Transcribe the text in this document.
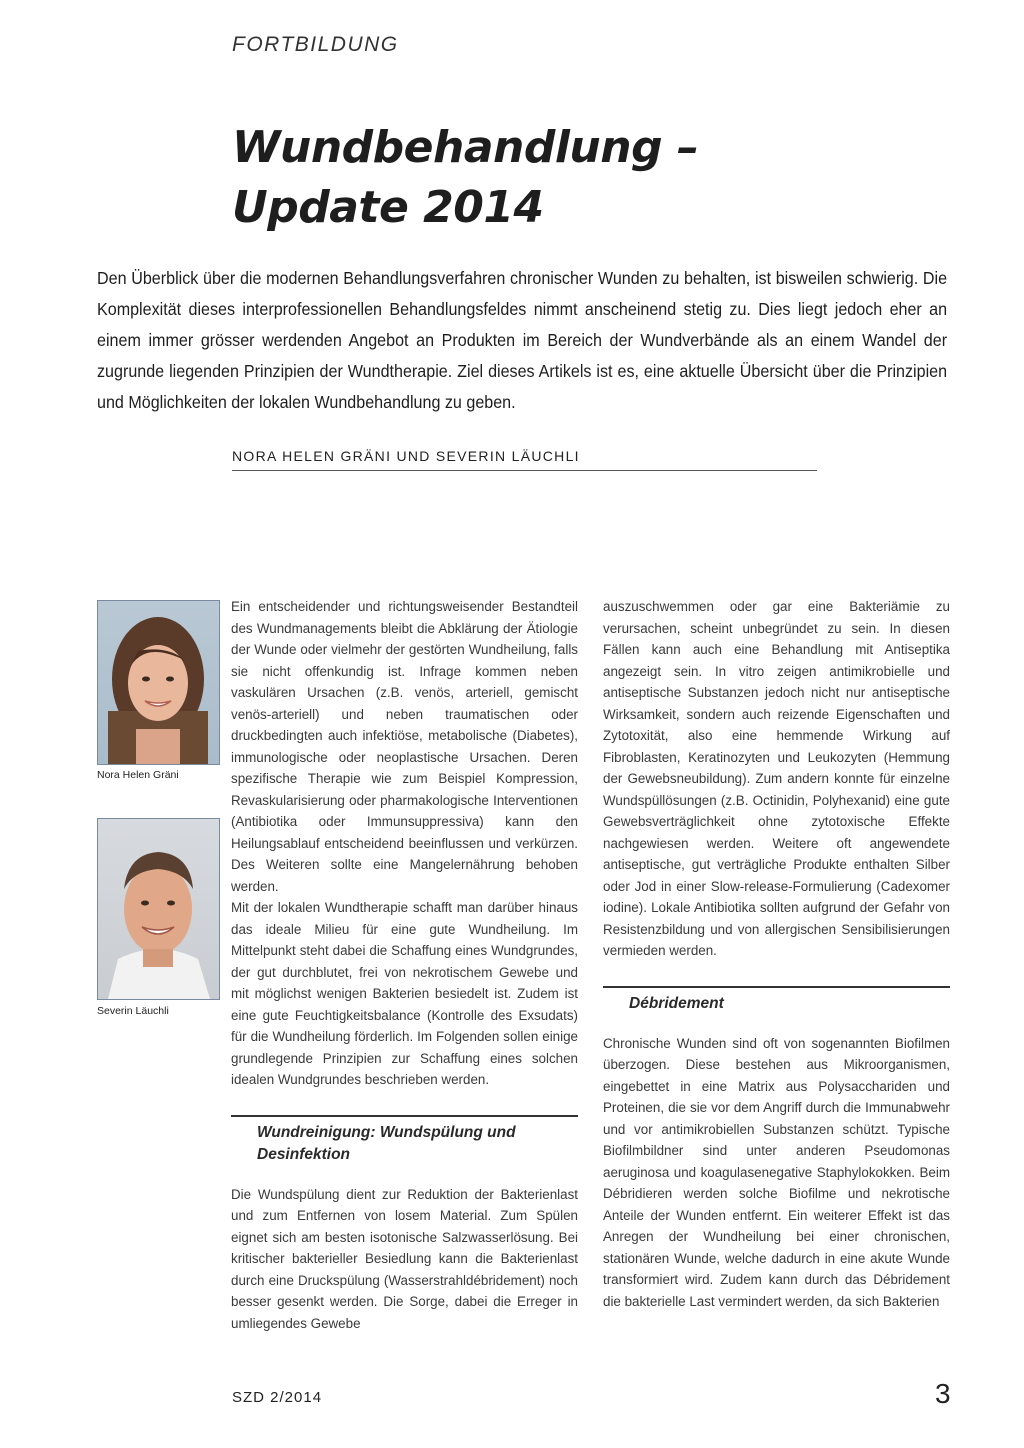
FORTBILDUNG
Wundbehandlung –
Update 2014
Den Überblick über die modernen Behandlungsverfahren chronischer Wunden zu behalten, ist bisweilen schwierig. Die Komplexität dieses interprofessionellen Behandlungsfeldes nimmt anscheinend stetig zu. Dies liegt jedoch eher an einem immer grösser werdenden Angebot an Produkten im Bereich der Wundverbände als an einem Wandel der zugrunde liegenden Prinzipien der Wundtherapie. Ziel dieses Artikels ist es, eine aktuelle Übersicht über die Prinzipien und Möglichkeiten der lokalen Wundbehandlung zu geben.
NORA HELEN GRÄNI UND SEVERIN LÄUCHLI
Nora Helen Gräni
Severin Läuchli

Ein entscheidender und richtungsweisender Bestandteil des Wundmanagements bleibt die Abklärung der Ätiologie der Wunde oder vielmehr der gestörten Wundheilung, falls sie nicht offenkundig ist. Infrage kommen neben vaskulären Ursachen (z.B. venös, arteriell, gemischt venös-arteriell) und neben traumatischen oder druckbedingten auch infektiöse, metabolische (Diabetes), immunologische oder neoplastische Ursachen. Deren spezifische Therapie wie zum Beispiel Kompression, Revaskularisierung oder pharmakologische Interventionen (Antibiotika oder Immunsuppressiva) kann den Heilungsablauf entscheidend beeinflussen und verkürzen. Des Weiteren sollte eine Mangelernährung behoben werden.

Mit der lokalen Wundtherapie schafft man darüber hinaus das ideale Milieu für eine gute Wundheilung. Im Mittelpunkt steht dabei die Schaffung eines Wundgrundes, der gut durchblutet, frei von nekrotischem Gewebe und mit möglichst wenigen Bakterien besiedelt ist. Zudem ist eine gute Feuchtigkeitsbalance (Kontrolle des Exsudats) für die Wundheilung förderlich. Im Folgenden sollen einige grundlegende Prinzipien zur Schaffung eines solchen idealen Wundgrundes beschrieben werden.

Wundreinigung: Wundspülung und Desinfektion

Die Wundspülung dient zur Reduktion der Bakterienlast und zum Entfernen von losem Material. Zum Spülen eignet sich am besten isotonische Salzwasserlösung. Bei kritischer bakterieller Besiedlung kann die Bakterienlast durch eine Druckspülung (Wasserstrahldébridement) noch besser gesenkt werden. Die Sorge, dabei die Erreger in umliegendes Gewebe

auszuschwemmen oder gar eine Bakteriämie zu verursachen, scheint unbegründet zu sein. In diesen Fällen kann auch eine Behandlung mit Antiseptika angezeigt sein. In vitro zeigen antimikrobielle und antiseptische Substanzen jedoch nicht nur antiseptische Wirksamkeit, sondern auch reizende Eigenschaften und Zytotoxität, also eine hemmende Wirkung auf Fibroblasten, Keratinozyten und Leukozyten (Hemmung der Gewebsneubildung). Zum andern konnte für einzelne Wundspüllösungen (z.B. Octinidin, Polyhexanid) eine gute Gewebsverträglichkeit ohne zytotoxische Effekte nachgewiesen werden. Weitere oft angewendete antiseptische, gut verträgliche Produkte enthalten Silber oder Jod in einer Slow-release-Formulierung (Cadexomer iodine). Lokale Antibiotika sollten aufgrund der Gefahr von Resistenzbildung und von allergischen Sensibilisierungen vermieden werden.

Débridement

Chronische Wunden sind oft von sogenannten Biofilmen überzogen. Diese bestehen aus Mikroorganismen, eingebettet in eine Matrix aus Polysacchariden und Proteinen, die sie vor dem Angriff durch die Immunabwehr und vor antimikrobiellen Substanzen schützt. Typische Biofilmbildner sind unter anderen Pseudomonas aeruginosa und koagulasenegative Staphylokokken. Beim Débridieren werden solche Biofilme und nekrotische Anteile der Wunden entfernt. Ein weiterer Effekt ist das Anregen der Wundheilung bei einer chronischen, stationären Wunde, welche dadurch in eine akute Wunde transformiert wird. Zudem kann durch das Débridement die bakterielle Last vermindert werden, da sich Bakterien

SZD 2/2014	3
